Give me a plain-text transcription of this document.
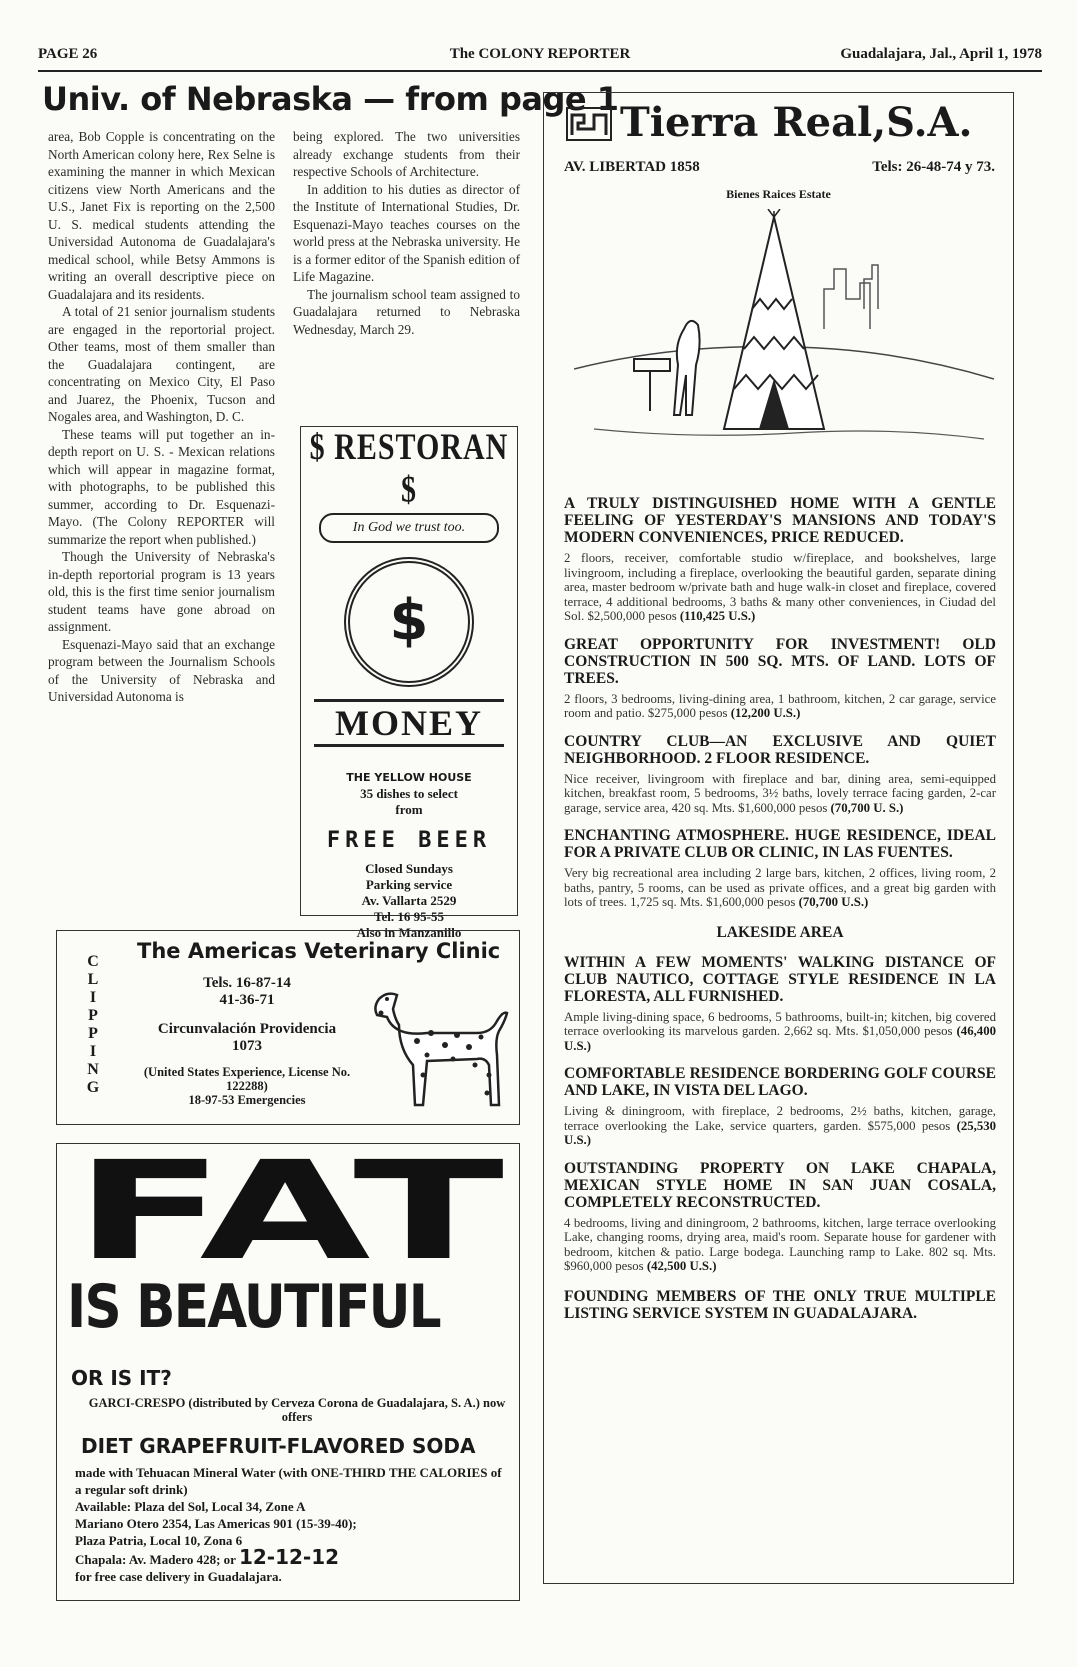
PAGE 26	The COLONY REPORTER	Guadalajara, Jal., April 1, 1978
Univ. of Nebraska — from page 1

area, Bob Copple is concentrating on the North American colony here, Rex Selne is examining the manner in which Mexican citizens view North Americans and the U.S., Janet Fix is reporting on the 2,500 U. S. medical students attending the Universidad Autonoma de Guadalajara's medical school, while Betsy Ammons is writing an overall descriptive piece on Guadalajara and its residents.

A total of 21 senior journalism students are engaged in the reportorial project. Other teams, most of them smaller than the Guadalajara contingent, are concentrating on Mexico City, El Paso and Juarez, the Phoenix, Tucson and Nogales area, and Washington, D. C.

These teams will put together an in-depth report on U. S. - Mexican relations which will appear in magazine format, with photographs, to be published this summer, according to Dr. Esquenazi-Mayo. (The Colony REPORTER will summarize the report when published.)

Though the University of Nebraska's in-depth reportorial program is 13 years old, this is the first time senior journalism student teams have gone abroad on assignment.

Esquenazi-Mayo said that an exchange program between the Journalism Schools of the University of Nebraska and Universidad Autonoma is

being explored. The two universities already exchange students from their respective Schools of Architecture.

In addition to his duties as director of the Institute of International Studies, Dr. Esquenazi-Mayo teaches courses on the world press at the Nebraska university. He is a former editor of the Spanish edition of Life Magazine.

The journalism school team assigned to Guadalajara returned to Nebraska Wednesday, March 29.

$ RESTORAN $
In God we trust too.
$
MONEY
THE YELLOW HOUSE
35 dishes to select from
FREE BEER
Closed Sundays
Parking service
Av. Vallarta 2529
Tel. 16 95-55
Also in Manzanillo
C
L
I
P
P
I
N
G
The Americas Veterinary Clinic
Tels. 16-87-14
41-36-71
Circunvalación Providencia 1073
(United States Experience, License No. 122288)
18-97-53 Emergencies
FAT
IS BEAUTIFUL
OR IS IT?
GARCI-CRESPO (distributed by Cerveza Corona de Guadalajara, S. A.) now offers
DIET GRAPEFRUIT-FLAVORED SODA
made with Tehuacan Mineral Water (with ONE-THIRD THE CALORIES of a regular soft drink)
Available: Plaza del Sol, Local 34, Zone A
Mariano Otero 2354, Las Americas 901 (15-39-40);
Plaza Patria, Local 10, Zona 6
Chapala: Av. Madero 428; or 12-12-12
for free case delivery in Guadalajara.
Tierra Real,S.A.
AV. LIBERTAD 1858	Tels: 26-48-74 y 73.
Bienes Raices Estate
A TRULY DISTINGUISHED HOME WITH A GENTLE FEELING OF YESTERDAY'S MANSIONS AND TODAY'S MODERN CONVENIENCES, PRICE REDUCED.
2 floors, receiver, comfortable studio w/fireplace, and bookshelves, large livingroom, including a fireplace, overlooking the beautiful garden, separate dining area, master bedroom w/private bath and huge walk-in closet and fireplace, covered terrace, 4 additional bedrooms, 3 baths & many other conveniences, in Ciudad del Sol. $2,500,000 pesos (110,425 U.S.)
GREAT OPPORTUNITY FOR INVESTMENT! OLD CONSTRUCTION IN 500 SQ. MTS. OF LAND. LOTS OF TREES.
2 floors, 3 bedrooms, living-dining area, 1 bathroom, kitchen, 2 car garage, service room and patio. $275,000 pesos (12,200 U.S.)
COUNTRY CLUB—AN EXCLUSIVE AND QUIET NEIGHBORHOOD. 2 FLOOR RESIDENCE.
Nice receiver, livingroom with fireplace and bar, dining area, semi-equipped kitchen, breakfast room, 5 bedrooms, 3½ baths, lovely terrace facing garden, 2-car garage, service area, 420 sq. Mts. $1,600,000 pesos (70,700 U. S.)
ENCHANTING ATMOSPHERE. HUGE RESIDENCE, IDEAL FOR A PRIVATE CLUB OR CLINIC, IN LAS FUENTES.
Very big recreational area including 2 large bars, kitchen, 2 offices, living room, 2 baths, pantry, 5 rooms, can be used as private offices, and a great big garden with lots of trees. 1,725 sq. Mts. $1,600,000 pesos (70,700 U.S.)
LAKESIDE AREA
WITHIN A FEW MOMENTS' WALKING DISTANCE OF CLUB NAUTICO, COTTAGE STYLE RESIDENCE IN LA FLORESTA, ALL FURNISHED.
Ample living-dining space, 6 bedrooms, 5 bathrooms, built-in; kitchen, big covered terrace overlooking its marvelous garden. 2,662 sq. Mts. $1,050,000 pesos (46,400 U.S.)
COMFORTABLE RESIDENCE BORDERING GOLF COURSE AND LAKE, IN VISTA DEL LAGO.
Living & diningroom, with fireplace, 2 bedrooms, 2½ baths, kitchen, garage, terrace overlooking the Lake, service quarters, garden. $575,000 pesos (25,530 U.S.)
OUTSTANDING PROPERTY ON LAKE CHAPALA, MEXICAN STYLE HOME IN SAN JUAN COSALA, COMPLETELY RECONSTRUCTED.
4 bedrooms, living and diningroom, 2 bathrooms, kitchen, large terrace overlooking Lake, changing rooms, drying area, maid's room. Separate house for gardener with bedroom, kitchen & patio. Large bodega. Launching ramp to Lake. 802 sq. Mts. $960,000 pesos (42,500 U.S.)
FOUNDING MEMBERS OF THE ONLY TRUE MULTIPLE LISTING SERVICE SYSTEM IN GUADALAJARA.
